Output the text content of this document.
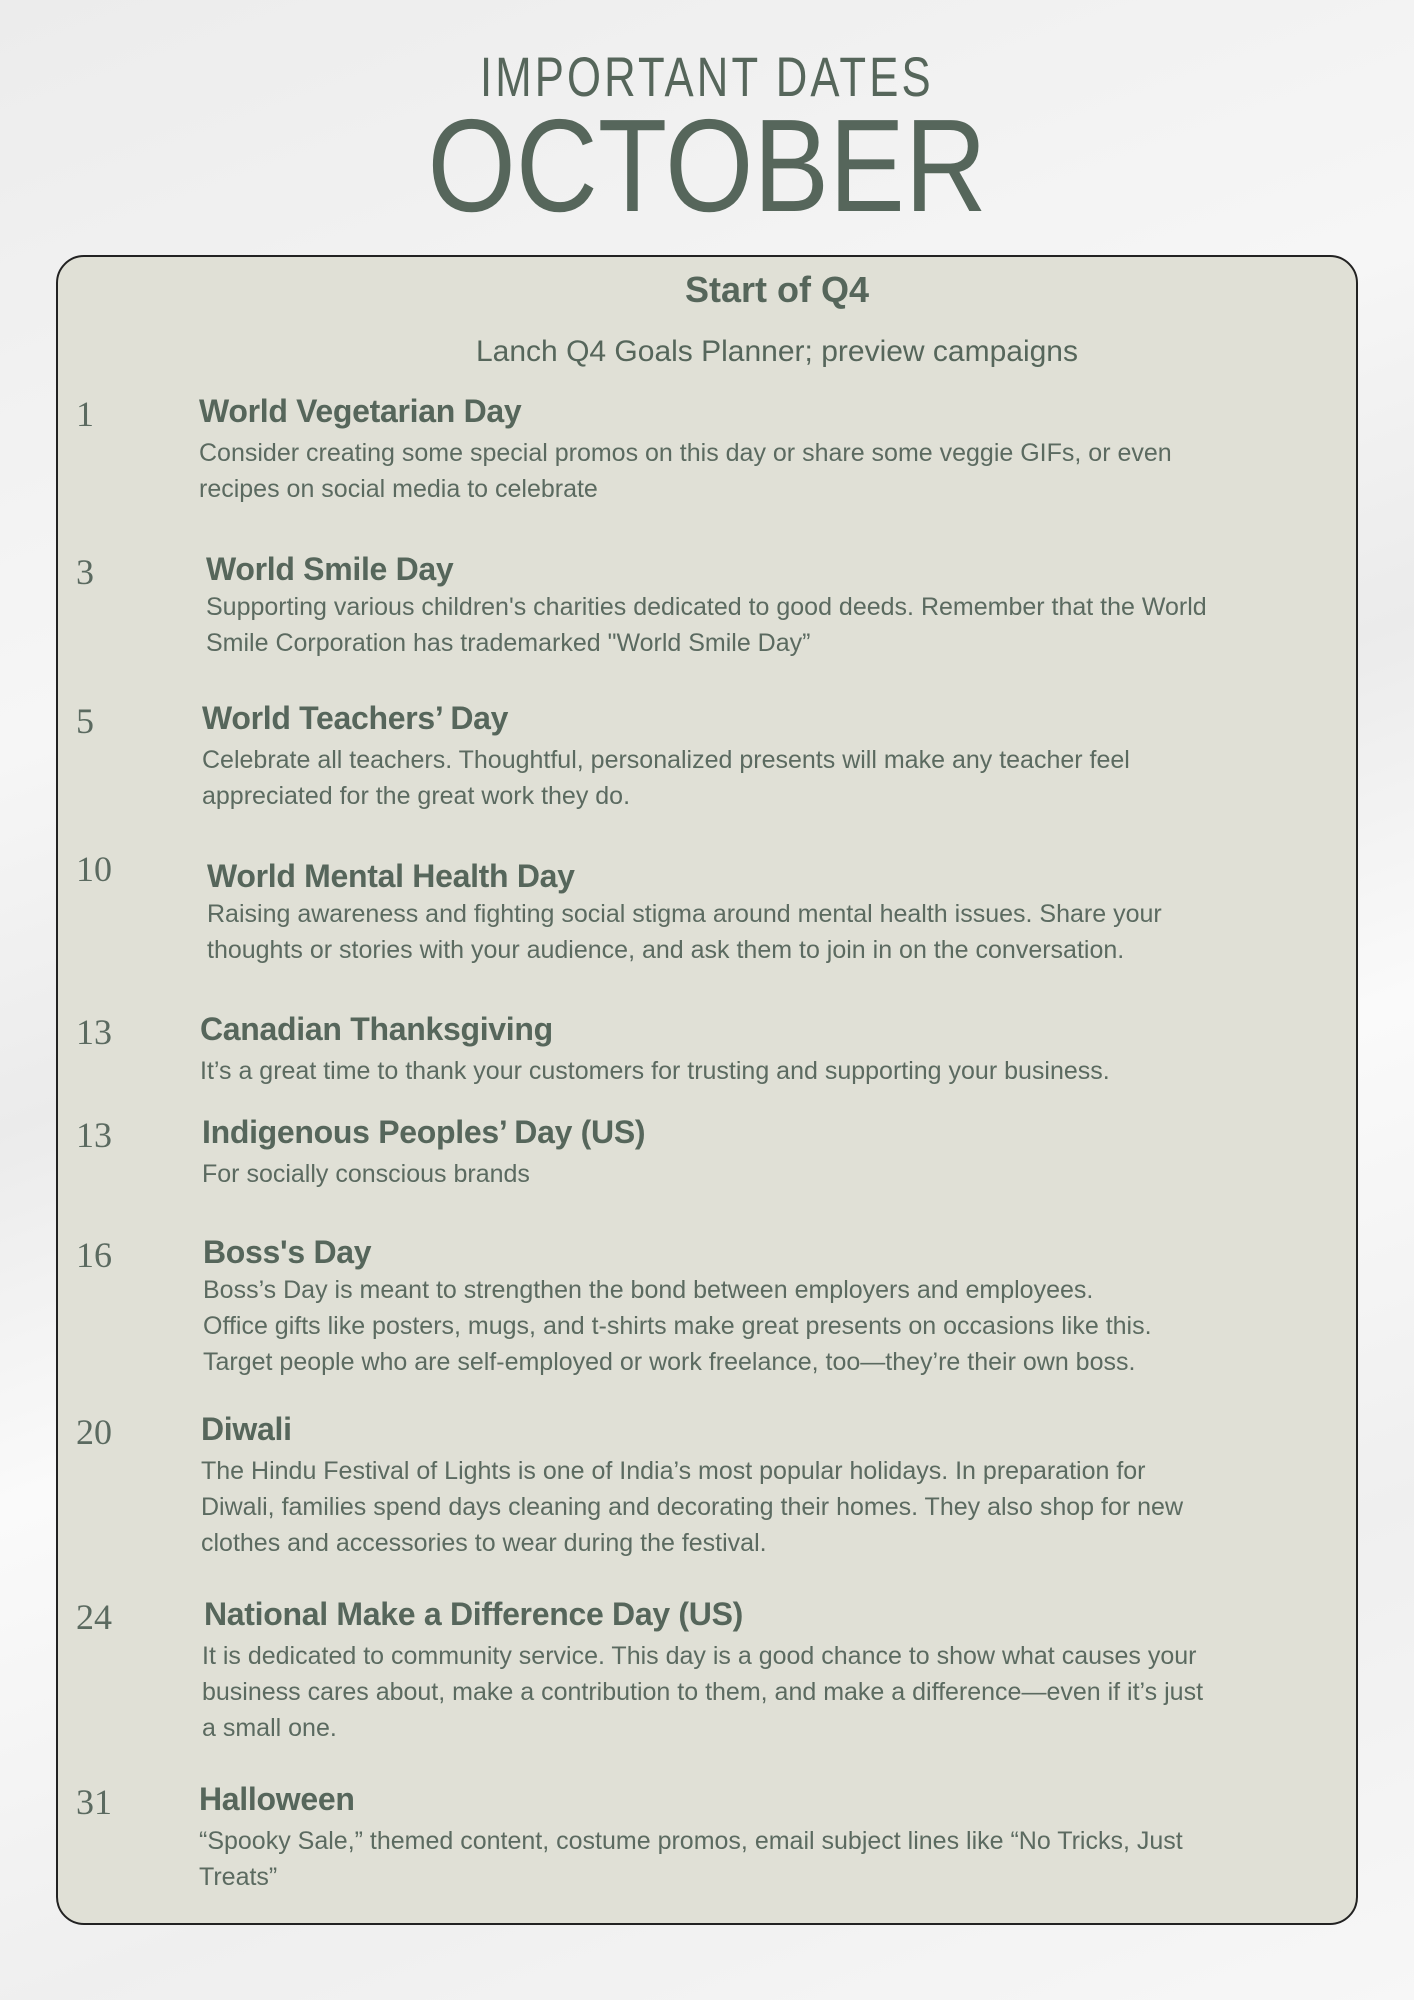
IMPORTANT DATES
OCTOBER
Start of Q4
Lanch Q4 Goals Planner; preview campaigns
1	World Vegetarian Day
Consider creating some special promos on this day or share some veggie GIFs, or even
recipes on social media to celebrate
3	World Smile Day
Supporting various children's charities dedicated to good deeds. Remember that the World
Smile Corporation has trademarked "World Smile Day”
5	World Teachers’ Day
Celebrate all teachers. Thoughtful, personalized presents will make any teacher feel
appreciated for the great work they do.
10	World Mental Health Day
Raising awareness and fighting social stigma around mental health issues. Share your
thoughts or stories with your audience, and ask them to join in on the conversation.
13	Canadian Thanksgiving
It’s a great time to thank your customers for trusting and supporting your business.
13	Indigenous Peoples’ Day (US)
For socially conscious brands
16	Boss's Day
Boss’s Day is meant to strengthen the bond between employers and employees.
Office gifts like posters, mugs, and t-shirts make great presents on occasions like this.
Target people who are self-employed or work freelance, too—they’re their own boss.
20	Diwali
The Hindu Festival of Lights is one of India’s most popular holidays. In preparation for
Diwali, families spend days cleaning and decorating their homes. They also shop for new
clothes and accessories to wear during the festival.
24	National Make a Difference Day (US)
It is dedicated to community service. This day is a good chance to show what causes your
business cares about, make a contribution to them, and make a difference—even if it’s just
a small one.
31	Halloween
“Spooky Sale,” themed content, costume promos, email subject lines like “No Tricks, Just
Treats”
